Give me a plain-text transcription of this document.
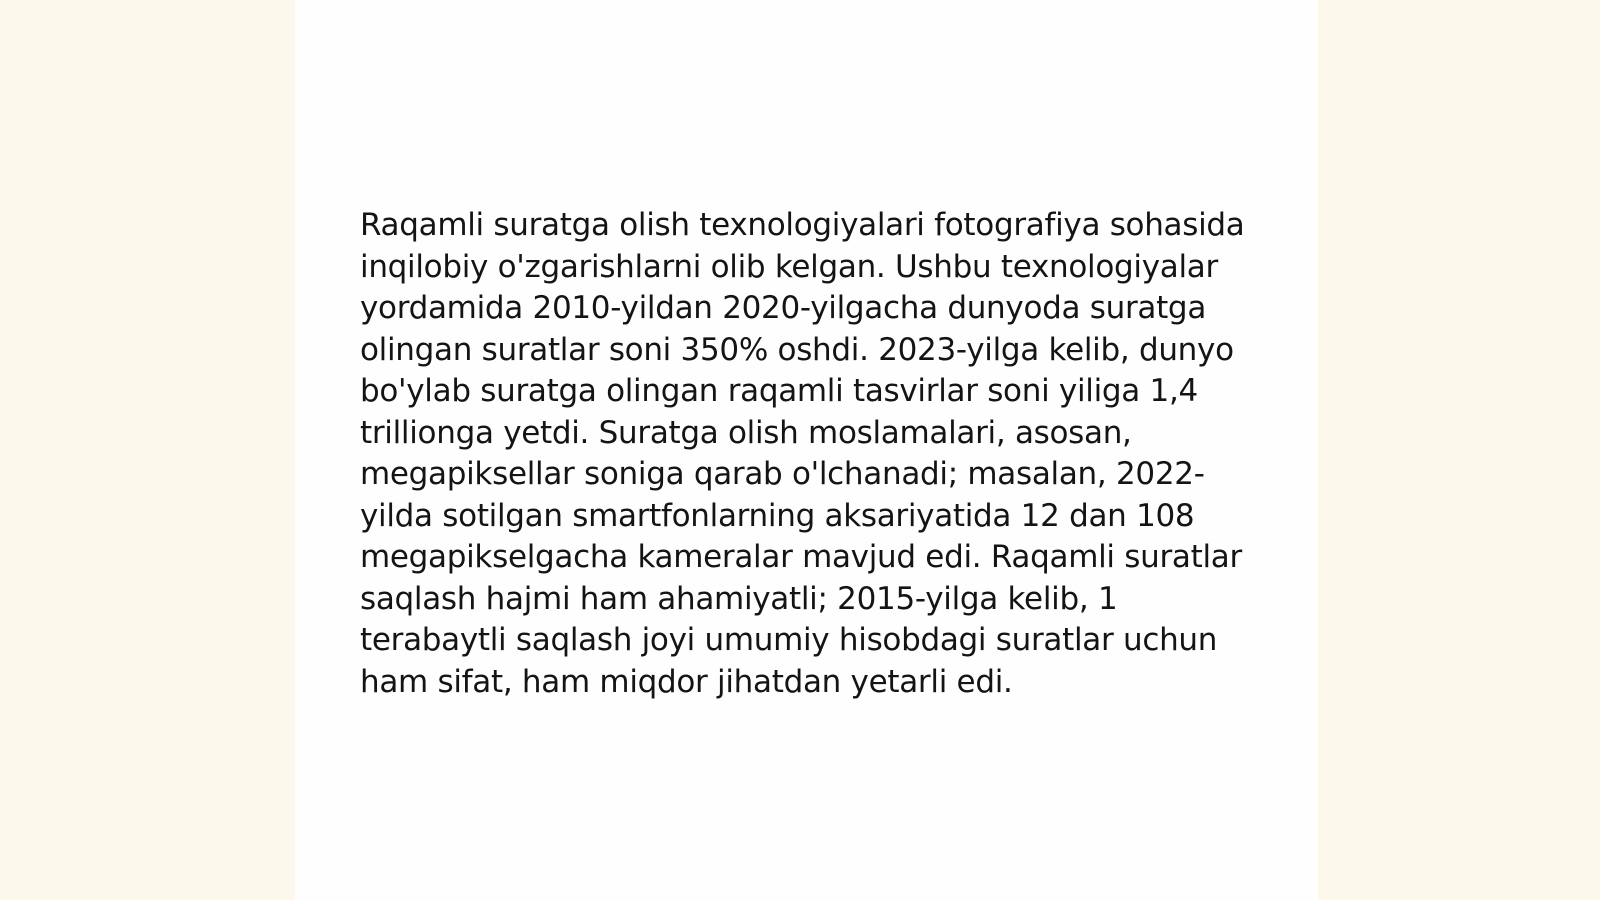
Raqamli suratga olish texnologiyalari fotografiya sohasida inqilobiy o'zgarishlarni olib kelgan. Ushbu texnologiyalar yordamida 2010-yildan 2020-yilgacha dunyoda suratga olingan suratlar soni 350% oshdi. 2023-yilga kelib, dunyo bo'ylab suratga olingan raqamli tasvirlar soni yiliga 1,4 trillionga yetdi. Suratga olish moslamalari, asosan, megapiksellar soniga qarab o'lchanadi; masalan, 2022-yilda sotilgan smartfonlarning aksariyatida 12 dan 108 megapikselgacha kameralar mavjud edi. Raqamli suratlar saqlash hajmi ham ahamiyatli; 2015-yilga kelib, 1 terabaytli saqlash joyi umumiy hisobdagi suratlar uchun ham sifat, ham miqdor jihatdan yetarli edi.
